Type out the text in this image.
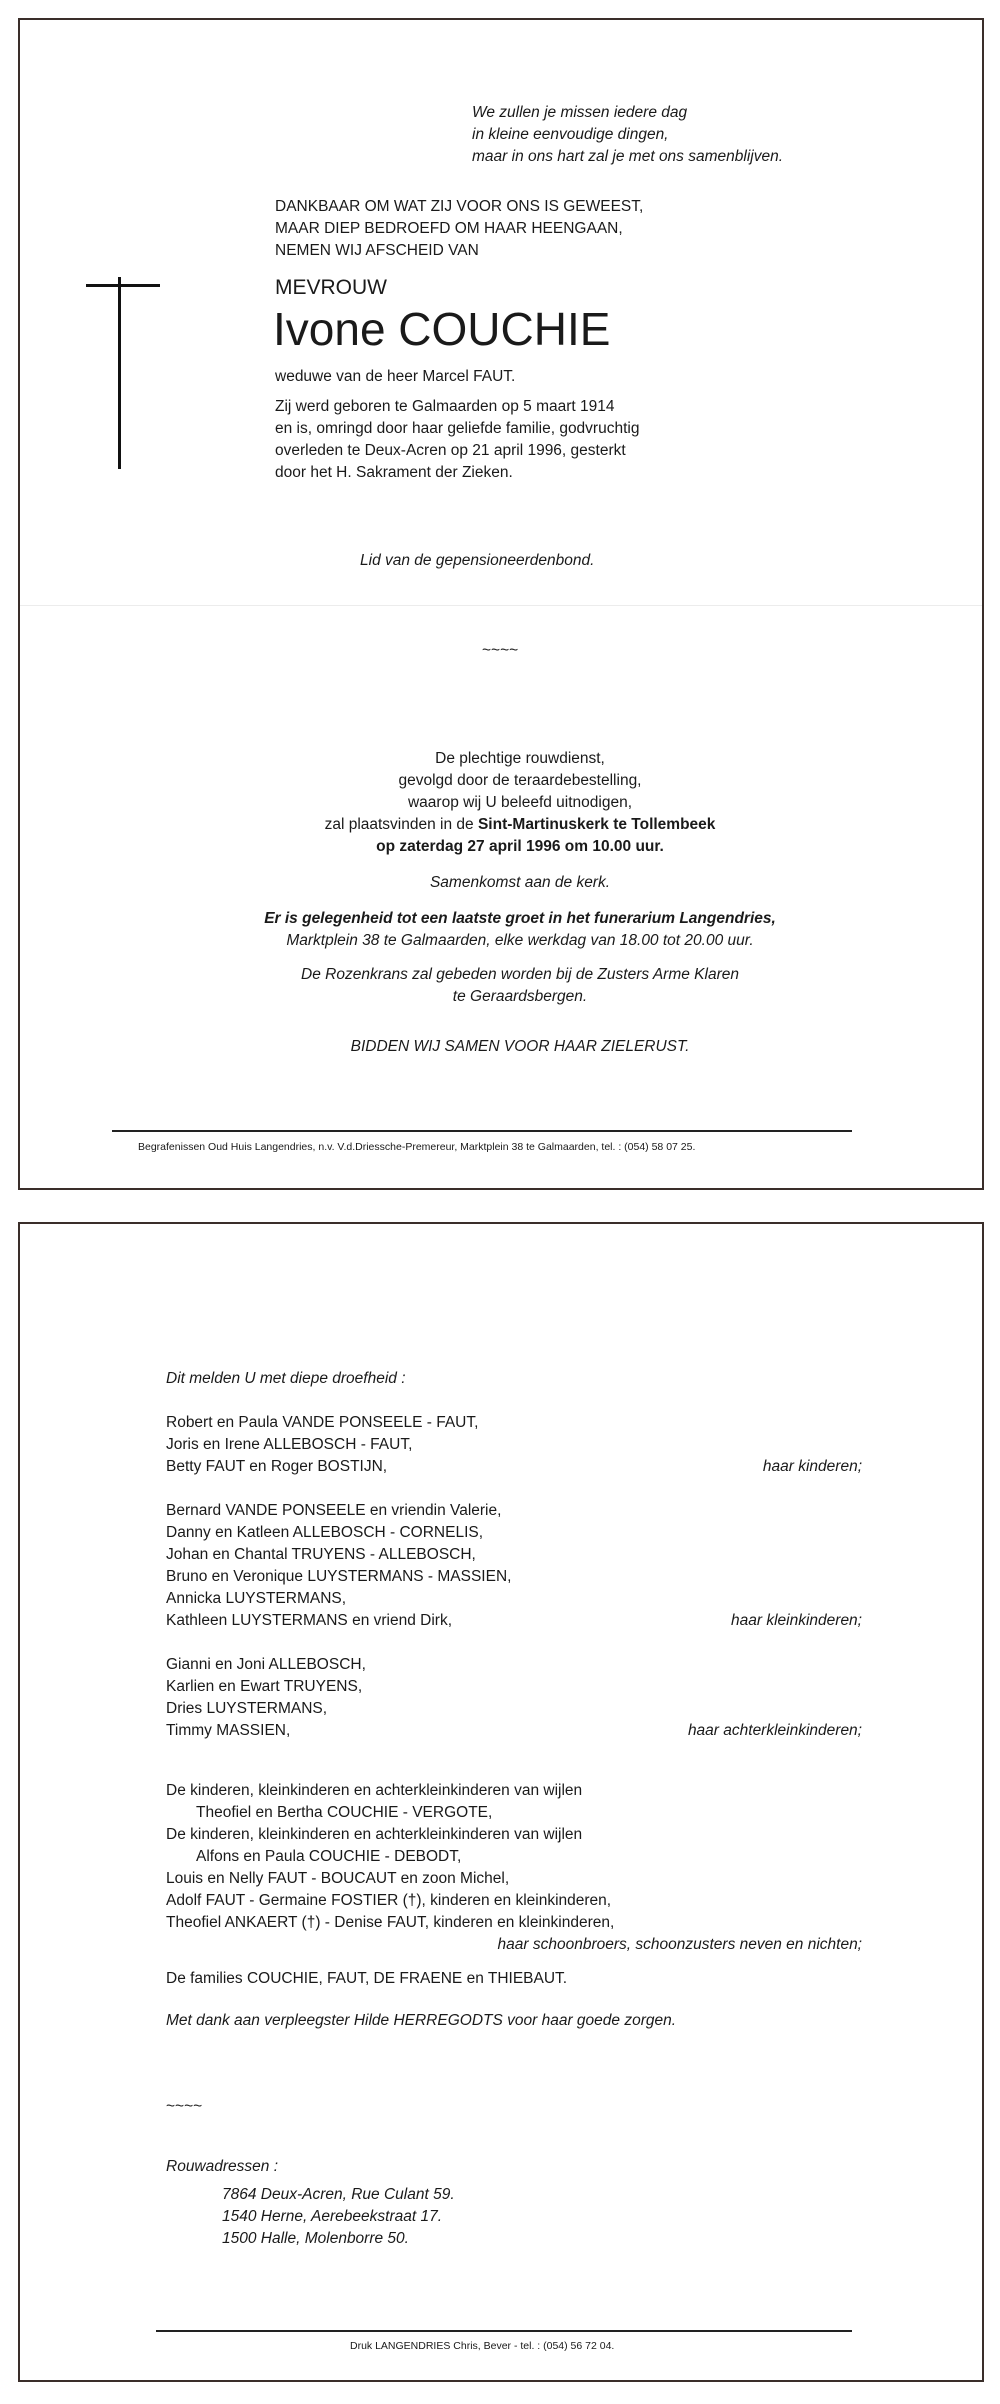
We zullen je missen iedere dag
in kleine eenvoudige dingen,
maar in ons hart zal je met ons samenblijven.
DANKBAAR OM WAT ZIJ VOOR ONS IS GEWEEST,
MAAR DIEP BEDROEFD OM HAAR HEENGAAN,
NEMEN WIJ AFSCHEID VAN
MEVROUW
Ivone COUCHIE
weduwe van de heer Marcel FAUT.
Zij werd geboren te Galmaarden op 5 maart 1914
en is, omringd door haar geliefde familie, godvruchtig
overleden te Deux-Acren op 21 april 1996, gesterkt
door het H. Sakrament der Zieken.
Lid van de gepensioneerdenbond.
~~~~
De plechtige rouwdienst,
gevolgd door de teraardebestelling,
waarop wij U beleefd uitnodigen,
zal plaatsvinden in de Sint-Martinuskerk te Tollembeek
op zaterdag 27 april 1996 om 10.00 uur.
Samenkomst aan de kerk.
Er is gelegenheid tot een laatste groet in het funerarium Langendries,
Marktplein 38 te Galmaarden, elke werkdag van 18.00 tot 20.00 uur.
De Rozenkrans zal gebeden worden bij de Zusters Arme Klaren
te Geraardsbergen.
BIDDEN WIJ SAMEN VOOR HAAR ZIELERUST.
Begrafenissen Oud Huis Langendries, n.v. V.d.Driessche-Premereur, Marktplein 38 te Galmaarden, tel. : (054) 58 07 25.
Dit melden U met diepe droefheid :
Robert en Paula VANDE PONSEELE - FAUT,
Joris en Irene ALLEBOSCH - FAUT,
Betty FAUT en Roger BOSTIJN,	haar kinderen;
Bernard VANDE PONSEELE en vriendin Valerie,
Danny en Katleen ALLEBOSCH - CORNELIS,
Johan en Chantal TRUYENS - ALLEBOSCH,
Bruno en Veronique LUYSTERMANS - MASSIEN,
Annicka LUYSTERMANS,
Kathleen LUYSTERMANS en vriend Dirk,	haar kleinkinderen;
Gianni en Joni ALLEBOSCH,
Karlien en Ewart TRUYENS,
Dries LUYSTERMANS,
Timmy MASSIEN,	haar achterkleinkinderen;
De kinderen, kleinkinderen en achterkleinkinderen van wijlen
Theofiel en Bertha COUCHIE - VERGOTE,
De kinderen, kleinkinderen en achterkleinkinderen van wijlen
Alfons en Paula COUCHIE - DEBODT,
Louis en Nelly FAUT - BOUCAUT en zoon Michel,
Adolf FAUT - Germaine FOSTIER (†), kinderen en kleinkinderen,
Theofiel ANKAERT (†) - Denise FAUT, kinderen en kleinkinderen,
haar schoonbroers, schoonzusters neven en nichten;
De families COUCHIE, FAUT, DE FRAENE en THIEBAUT.
Met dank aan verpleegster Hilde HERREGODTS voor haar goede zorgen.
~~~~
Rouwadressen :
7864 Deux-Acren, Rue Culant 59.
1540 Herne, Aerebeekstraat 17.
1500 Halle, Molenborre 50.
Druk LANGENDRIES Chris, Bever - tel. : (054) 56 72 04.
